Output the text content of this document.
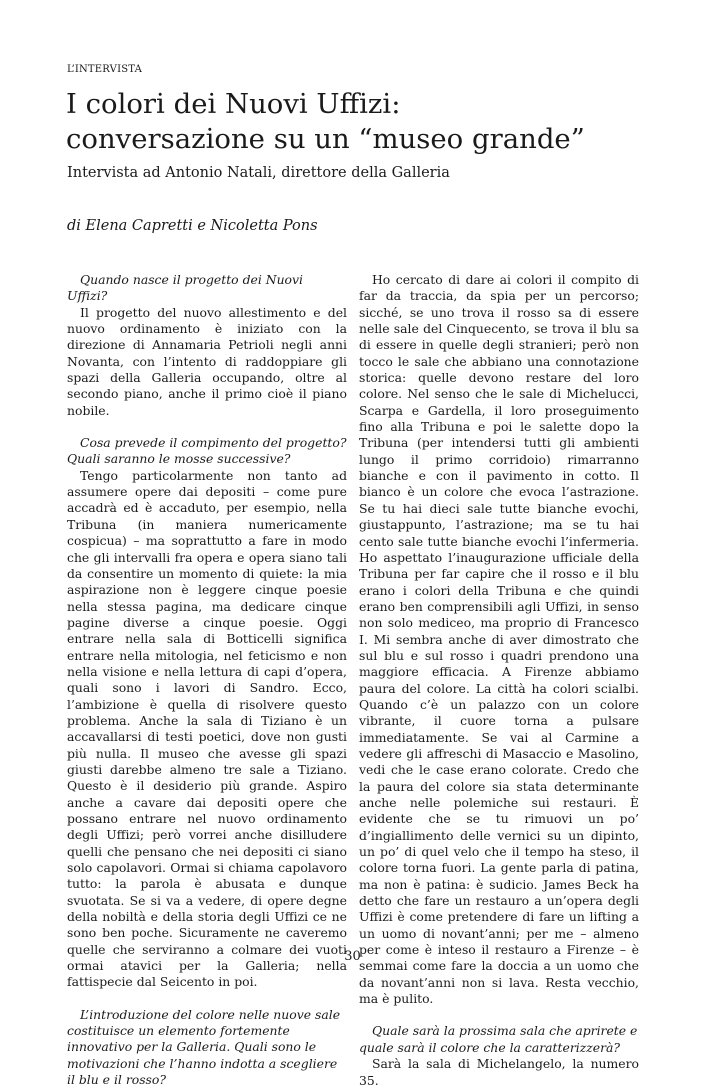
L’INTERVISTA
I colori dei Nuovi Uffizi:
conversazione su un “museo grande”
Intervista ad Antonio Natali, direttore della Galleria
di Elena Capretti e Nicoletta Pons

Quando nasce il progetto dei Nuovi Uffizi?

Il progetto del nuovo allestimento e del nuovo ordinamento è iniziato con la direzione di Annamaria Petrioli negli anni Novanta, con l’intento di raddoppiare gli spazi della Galleria occupando, oltre al secondo piano, anche il primo cioè il piano nobile.

Cosa prevede il compimento del progetto? Quali saranno le mosse successive?

Tengo particolarmente non tanto ad assumere opere dai depositi – come pure accadrà ed è accaduto, per esempio, nella Tribuna (in maniera numericamente cospicua) – ma soprattutto a fare in modo che gli intervalli fra opera e opera siano tali da consentire un momento di quiete: la mia aspirazione non è leggere cinque poesie nella stessa pagina, ma dedicare cinque pagine diverse a cinque poesie. Oggi entrare nella sala di Botticelli significa entrare nella mitologia, nel feticismo e non nella visione e nella lettura di capi d’opera, quali sono i lavori di Sandro. Ecco, l’ambizione è quella di risolvere questo problema. Anche la sala di Tiziano è un accavallarsi di testi poetici, dove non gusti più nulla. Il museo che avesse gli spazi giusti darebbe almeno tre sale a Tiziano. Questo è il desiderio più grande. Aspiro anche a cavare dai depositi opere che possano entrare nel nuovo ordinamento degli Uffizi; però vorrei anche disilludere quelli che pensano che nei depositi ci siano solo capolavori. Ormai si chiama capolavoro tutto: la parola è abusata e dunque svuotata. Se si va a vedere, di opere degne della nobiltà e della storia degli Uffizi ce ne sono ben poche. Sicuramente ne caveremo quelle che serviranno a colmare dei vuoti ormai atavici per la Galleria; nella fattispecie dal Seicento in poi.

L’introduzione del colore nelle nuove sale costituisce un elemento fortemente innovativo per la Galleria. Quali sono le motivazioni che l’hanno indotta a scegliere il blu e il rosso?

Ho cercato di dare ai colori il compito di far da traccia, da spia per un percorso; sicché, se uno trova il rosso sa di essere nelle sale del Cinquecento, se trova il blu sa di essere in quelle degli stranieri; però non tocco le sale che abbiano una connotazione storica: quelle devono restare del loro colore. Nel senso che le sale di Michelucci, Scarpa e Gardella, il loro proseguimento fino alla Tribuna e poi le salette dopo la Tribuna (per intendersi tutti gli ambienti lungo il primo corridoio) rimarranno bianche e con il pavimento in cotto. Il bianco è un colore che evoca l’astrazione. Se tu hai dieci sale tutte bianche evochi, giustappunto, l’astrazione; ma se tu hai cento sale tutte bianche evochi l’infermeria. Ho aspettato l’inaugurazione ufficiale della Tribuna per far capire che il rosso e il blu erano i colori della Tribuna e che quindi erano ben comprensibili agli Uffizi, in senso non solo mediceo, ma proprio di Francesco I. Mi sembra anche di aver dimostrato che sul blu e sul rosso i quadri prendono una maggiore efficacia. A Firenze abbiamo paura del colore. La città ha colori scialbi. Quando c’è un palazzo con un colore vibrante, il cuore torna a pulsare immediatamente. Se vai al Carmine a vedere gli affreschi di Masaccio e Masolino, vedi che le case erano colorate. Credo che la paura del colore sia stata determinante anche nelle polemiche sui restauri. È evidente che se tu rimuovi un po’ d’ingiallimento delle vernici su un dipinto, un po’ di quel velo che il tempo ha steso, il colore torna fuori. La gente parla di patina, ma non è patina: è sudicio. James Beck ha detto che fare un restauro a un’opera degli Uffizi è come pretendere di fare un lifting a un uomo di novant’anni; per me – almeno per come è inteso il restauro a Firenze – è semmai come fare la doccia a un uomo che da novant’anni non si lava. Resta vecchio, ma è pulito.

Quale sarà la prossima sala che aprirete e quale sarà il colore che la caratterizzerà?

Sarà la sala di Michelangelo, la numero 35.

30
